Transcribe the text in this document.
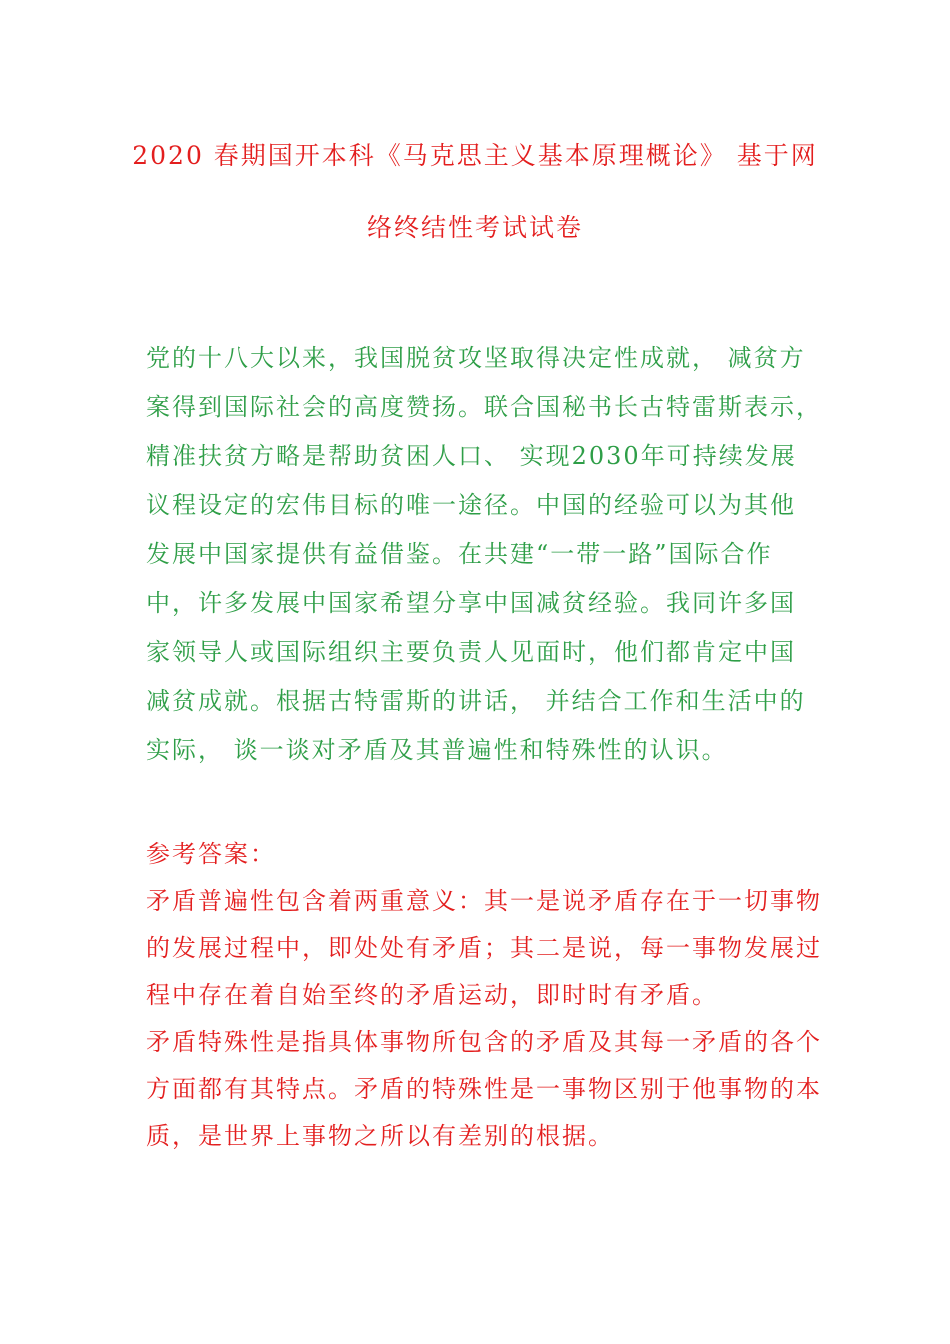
2020 春期国开本科《马克思主义基本原理概论》 基于网
络终结性考试试卷
党的十八大以来，我国脱贫攻坚取得决定性成就， 减贫方
案得到国际社会的高度赞扬。联合国秘书长古特雷斯表示，
精准扶贫方略是帮助贫困人口、 实现2030年可持续发展
议程设定的宏伟目标的唯一途径。中国的经验可以为其他
发展中国家提供有益借鉴。在共建“一带一路”国际合作
中，许多发展中国家希望分享中国减贫经验。我同许多国
家领导人或国际组织主要负责人见面时，他们都肯定中国
减贫成就。根据古特雷斯的讲话， 并结合工作和生活中的
实际， 谈一谈对矛盾及其普遍性和特殊性的认识。
参考答案：
矛盾普遍性包含着两重意义：其一是说矛盾存在于一切事物
的发展过程中，即处处有矛盾；其二是说，每一事物发展过
程中存在着自始至终的矛盾运动，即时时有矛盾。
矛盾特殊性是指具体事物所包含的矛盾及其每一矛盾的各个
方面都有其特点。矛盾的特殊性是一事物区别于他事物的本
质，是世界上事物之所以有差别的根据。
